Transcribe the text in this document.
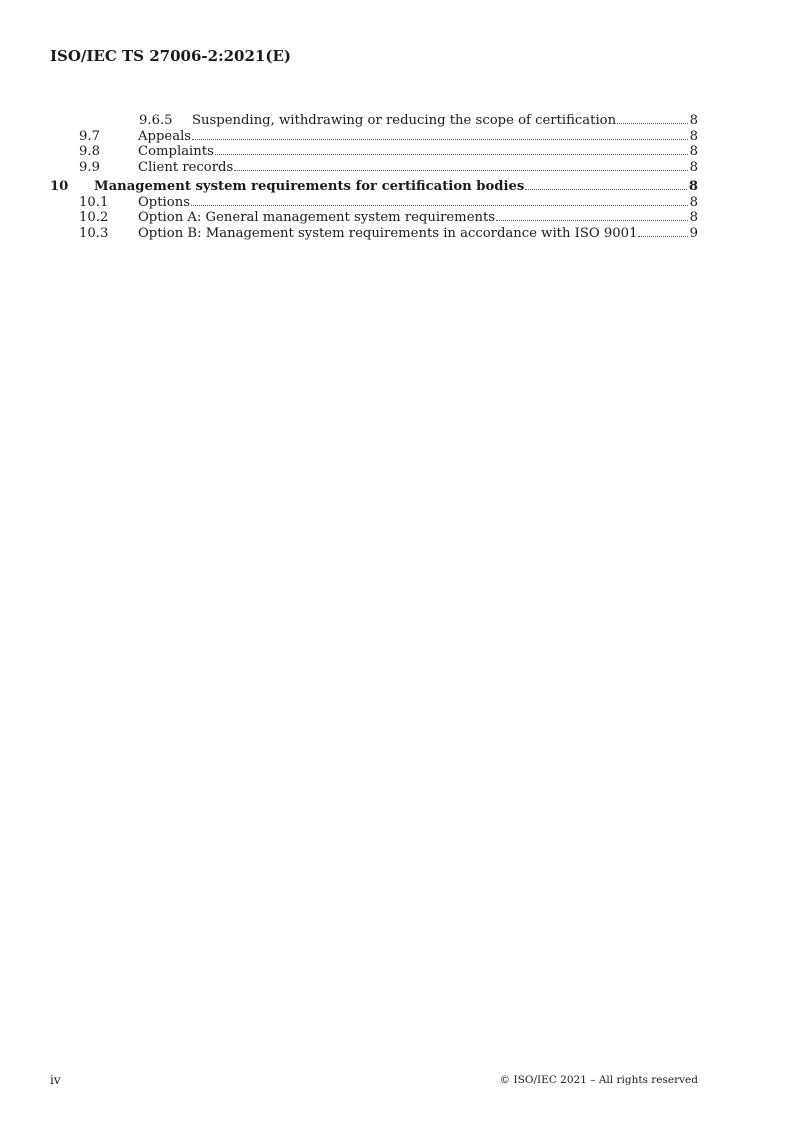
ISO/IEC TS 27006-2:2021(E)
9.6.5	Suspending, withdrawing or reducing the scope of certification	8
9.7	Appeals	8
9.8	Complaints	8
9.9	Client records	8
10	Management system requirements for certification bodies	8
10.1	Options	8
10.2	Option A: General management system requirements	8
10.3	Option B: Management system requirements in accordance with ISO 9001	9
iv	© ISO/IEC 2021 – All rights reserved
